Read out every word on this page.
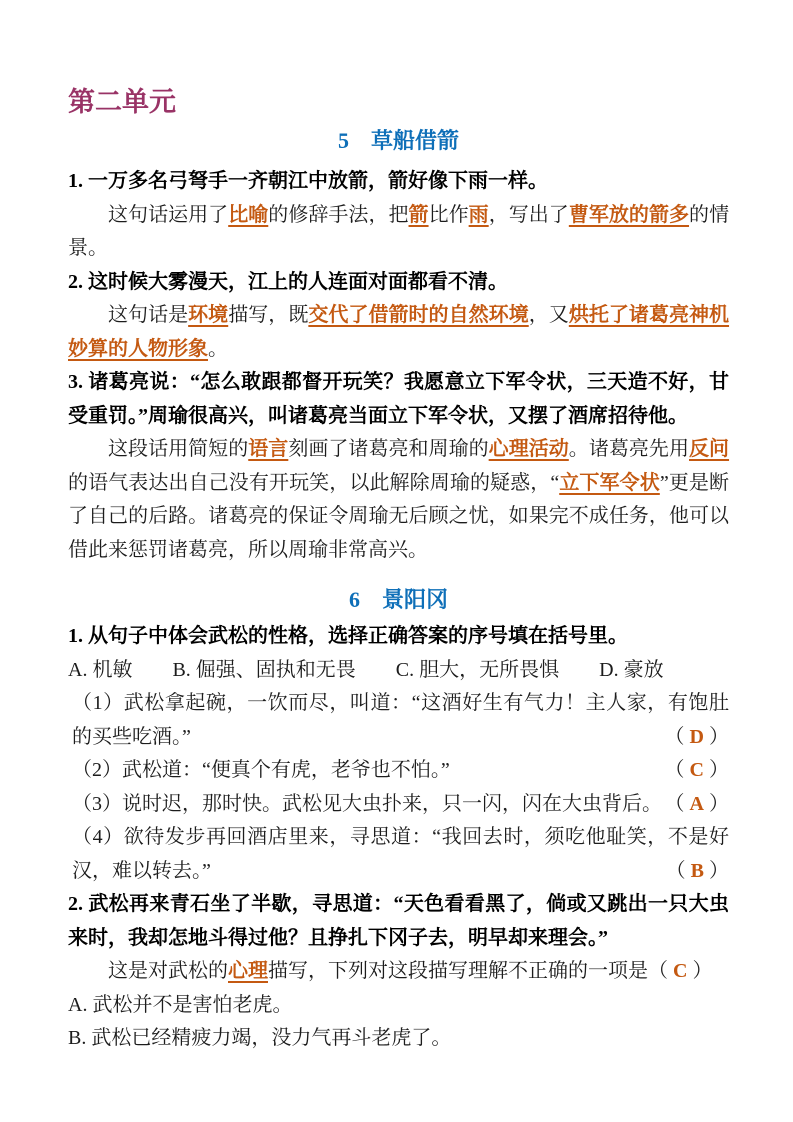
第二单元
5　草船借箭

1. 一万多名弓弩手一齐朝江中放箭，箭好像下雨一样。

这句话运用了比喻的修辞手法，把箭比作雨，写出了曹军放的箭多的情景。

2. 这时候大雾漫天，江上的人连面对面都看不清。

这句话是环境描写，既交代了借箭时的自然环境，又烘托了诸葛亮神机妙算的人物形象。

3. 诸葛亮说：“怎么敢跟都督开玩笑？我愿意立下军令状，三天造不好，甘受重罚。”周瑜很高兴，叫诸葛亮当面立下军令状，又摆了酒席招待他。

这段话用简短的语言刻画了诸葛亮和周瑜的心理活动。诸葛亮先用反问的语气表达出自己没有开玩笑，以此解除周瑜的疑惑，“立下军令状”更是断了自己的后路。诸葛亮的保证令周瑜无后顾之忧，如果完不成任务，他可以借此来惩罚诸葛亮，所以周瑜非常高兴。

6　景阳冈

1. 从句子中体会武松的性格，选择正确答案的序号填在括号里。

A. 机敏 B. 倔强、固执和无畏 C. 胆大，无所畏惧 D. 豪放

（1）武松拿起碗，一饮而尽，叫道：“这酒好生有气力！主人家，有饱肚的买些吃酒。”	（ D ）

（2）武松道：“便真个有虎，老爷也不怕。”	（ C ）

（3）说时迟，那时快。武松见大虫扑来，只一闪，闪在大虫背后。 （ A ）

（4）欲待发步再回酒店里来，寻思道：“我回去时，须吃他耻笑，不是好汉，难以转去。”	（ B ）

2. 武松再来青石坐了半歇，寻思道：“天色看看黑了，倘或又跳出一只大虫来时，我却怎地斗得过他？且挣扎下冈子去，明早却来理会。”

这是对武松的心理描写，下列对这段描写理解不正确的一项是（ C ）

A. 武松并不是害怕老虎。

B. 武松已经精疲力竭，没力气再斗老虎了。
